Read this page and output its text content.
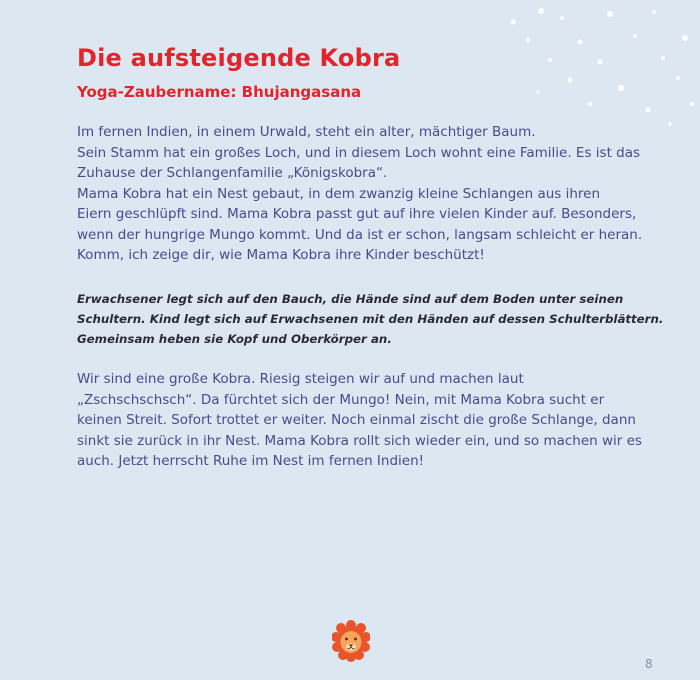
Die aufsteigende Kobra
Yoga-Zaubername: Bhujangasana
Im fernen Indien, in einem Urwald, steht ein alter, mächtiger Baum.
Sein Stamm hat ein großes Loch, und in diesem Loch wohnt eine Familie. Es ist das
Zuhause der Schlangenfamilie „Königskobra“.
Mama Kobra hat ein Nest gebaut, in dem zwanzig kleine Schlangen aus ihren
Eiern geschlüpft sind. Mama Kobra passt gut auf ihre vielen Kinder auf. Besonders,
wenn der hungrige Mungo kommt. Und da ist er schon, langsam schleicht er heran.
Komm, ich zeige dir, wie Mama Kobra ihre Kinder beschützt!
Erwachsener legt sich auf den Bauch, die Hände sind auf dem Boden unter seinen
Schultern. Kind legt sich auf Erwachsenen mit den Händen auf dessen Schulterblättern.
Gemeinsam heben sie Kopf und Oberkörper an.
Wir sind eine große Kobra. Riesig steigen wir auf und machen laut
„Zschschschsch“. Da fürchtet sich der Mungo! Nein, mit Mama Kobra sucht er
keinen Streit. Sofort trottet er weiter. Noch einmal zischt die große Schlange, dann
sinkt sie zurück in ihr Nest. Mama Kobra rollt sich wieder ein, und so machen wir es
auch. Jetzt herrscht Ruhe im Nest im fernen Indien!
8
